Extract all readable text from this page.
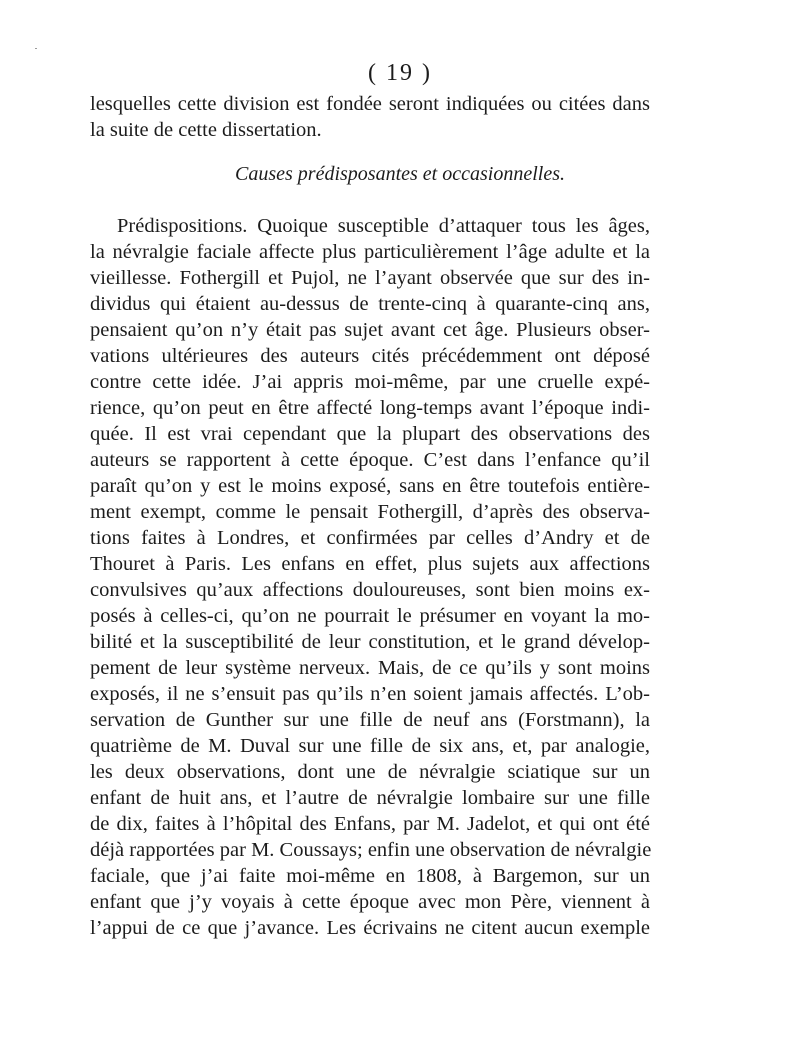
( 19 )
lesquelles cette division est fondée seront indiquées ou citées dans
la suite de cette dissertation.
Causes prédisposantes et occasionnelles.
Prédispositions. Quoique susceptible d’attaquer tous les âges,
la névralgie faciale affecte plus particulièrement l’âge adulte et la
vieillesse. Fothergill et Pujol, ne l’ayant observée que sur des in-
dividus qui étaient au-dessus de trente-cinq à quarante-cinq ans,
pensaient qu’on n’y était pas sujet avant cet âge. Plusieurs obser-
vations ultérieures des auteurs cités précédemment ont déposé
contre cette idée. J’ai appris moi-même, par une cruelle expé-
rience, qu’on peut en être affecté long-temps avant l’époque indi-
quée. Il est vrai cependant que la plupart des observations des
auteurs se rapportent à cette époque. C’est dans l’enfance qu’il
paraît qu’on y est le moins exposé, sans en être toutefois entière-
ment exempt, comme le pensait Fothergill, d’après des observa-
tions faites à Londres, et confirmées par celles d’Andry et de
Thouret à Paris. Les enfans en effet, plus sujets aux affections
convulsives qu’aux affections douloureuses, sont bien moins ex-
posés à celles-ci, qu’on ne pourrait le présumer en voyant la mo-
bilité et la susceptibilité de leur constitution, et le grand dévelop-
pement de leur système nerveux. Mais, de ce qu’ils y sont moins
exposés, il ne s’ensuit pas qu’ils n’en soient jamais affectés. L’ob-
servation de Gunther sur une fille de neuf ans (Forstmann), la
quatrième de M. Duval sur une fille de six ans, et, par analogie,
les deux observations, dont une de névralgie sciatique sur un
enfant de huit ans, et l’autre de névralgie lombaire sur une fille
de dix, faites à l’hôpital des Enfans, par M. Jadelot, et qui ont été
déjà rapportées par M. Coussays; enfin une observation de névralgie
faciale, que j’ai faite moi-même en 1808, à Bargemon, sur un
enfant que j’y voyais à cette époque avec mon Père, viennent à
l’appui de ce que j’avance. Les écrivains ne citent aucun exemple
